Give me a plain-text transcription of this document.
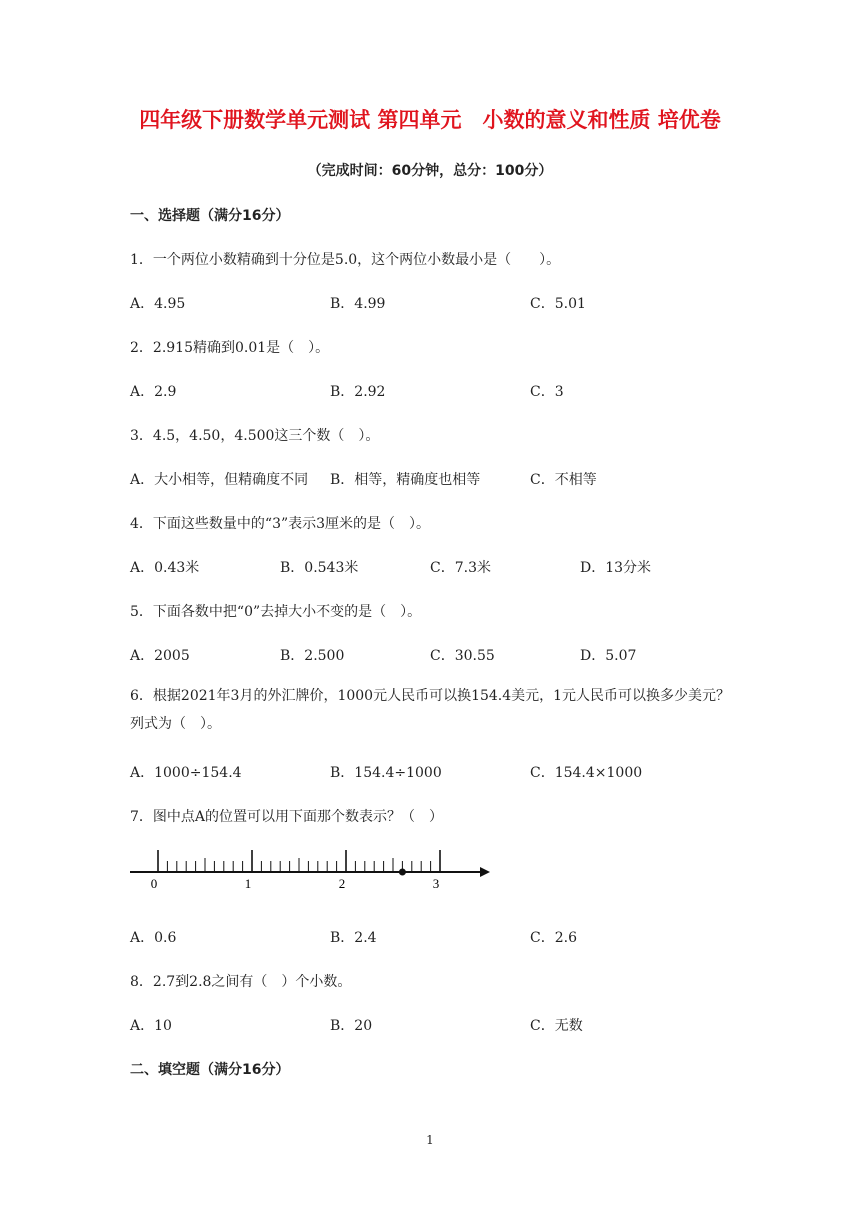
四年级下册数学单元测试 第四单元　小数的意义和性质 培优卷
（完成时间：60分钟，总分：100分）
一、选择题（满分16分）
1．一个两位小数精确到十分位是5.0，这个两位小数最小是（　　）。
A．4.95	B．4.99	C．5.01
2．2.915精确到0.01是（　）。
A．2.9	B．2.92	C．3
3．4.5，4.50，4.500这三个数（　）。
A．大小相等，但精确度不同 B．相等，精确度也相等	C．不相等
4．下面这些数量中的“3”表示3厘米的是（　）。
A．0.43米	B．0.543米	C．7.3米	D．13分米
5．下面各数中把“0”去掉大小不变的是（　）。
A．2005	B．2.500	C．30.55	D．5.07
6．根据2021年3月的外汇牌价，1000元人民币可以换154.4美元，1元人民币可以换多少美元？列式为（　）。
A．1000÷154.4	B．154.4÷1000	C．154.4×1000
7．图中点A的位置可以用下面那个数表示？（　）
0	1	2	3
A．0.6	B．2.4	C．2.6
8．2.7到2.8之间有（　）个小数。
A．10	B．20	C．无数
二、填空题（满分16分）
1
